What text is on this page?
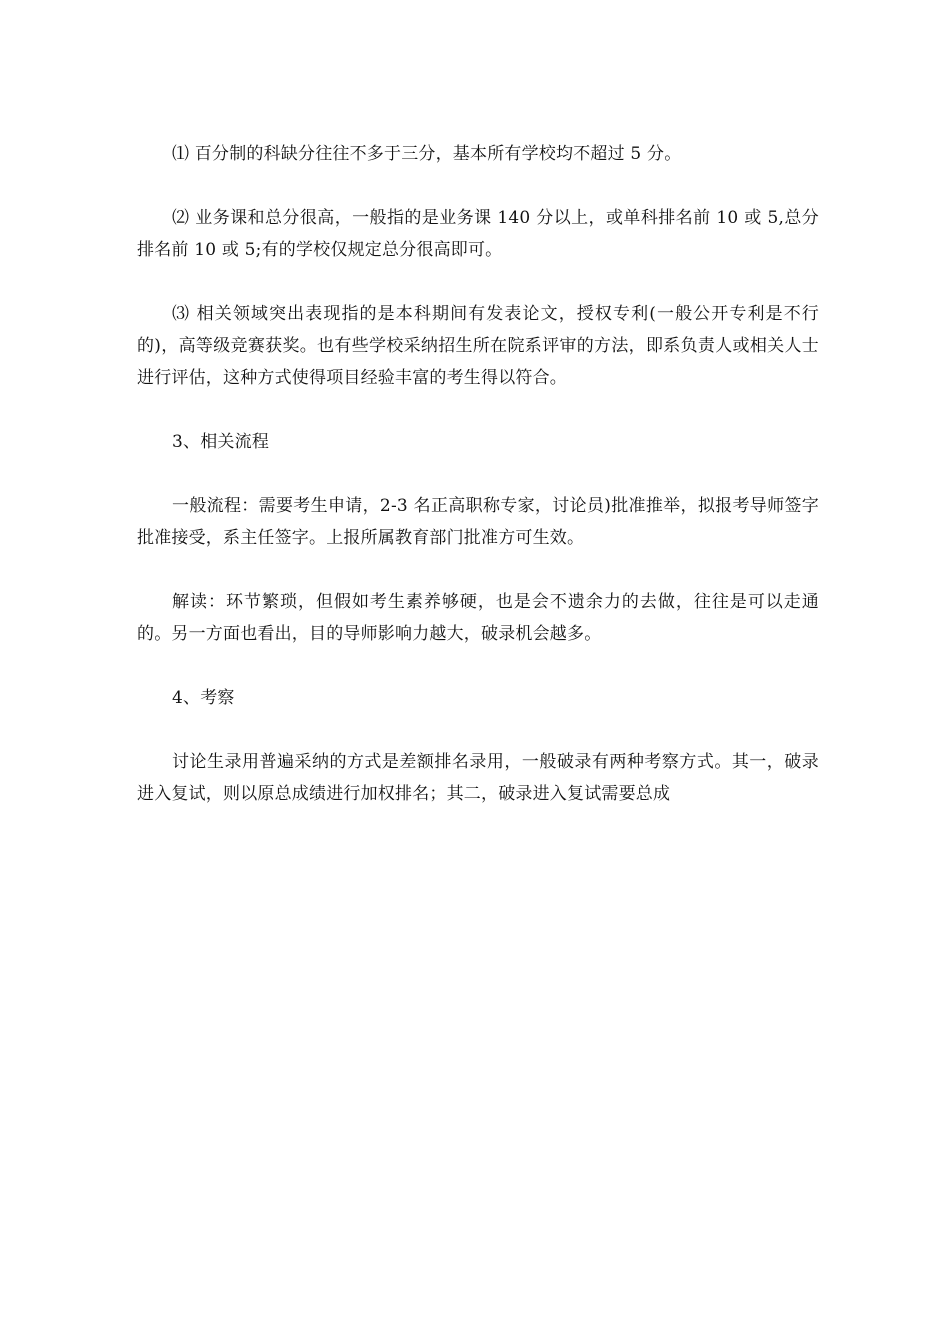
⑴ 百分制的科缺分往往不多于三分，基本所有学校均不超过 5 分。

⑵ 业务课和总分很高，一般指的是业务课 140 分以上，或单科排名前 10 或 5,总分排名前 10 或 5;有的学校仅规定总分很高即可。

⑶ 相关领域突出表现指的是本科期间有发表论文，授权专利(一般公开专利是不行的)，高等级竞赛获奖。也有些学校采纳招生所在院系评审的方法，即系负责人或相关人士进行评估，这种方式使得项目经验丰富的考生得以符合。

3、相关流程

一般流程：需要考生申请，2-3 名正高职称专家，讨论员)批准推举，拟报考导师签字批准接受，系主任签字。上报所属教育部门批准方可生效。

解读：环节繁琐，但假如考生素养够硬，也是会不遗余力的去做，往往是可以走通的。另一方面也看出，目的导师影响力越大，破录机会越多。

4、考察

讨论生录用普遍采纳的方式是差额排名录用，一般破录有两种考察方式。其一，破录进入复试，则以原总成绩进行加权排名；其二，破录进入复试需要总成
